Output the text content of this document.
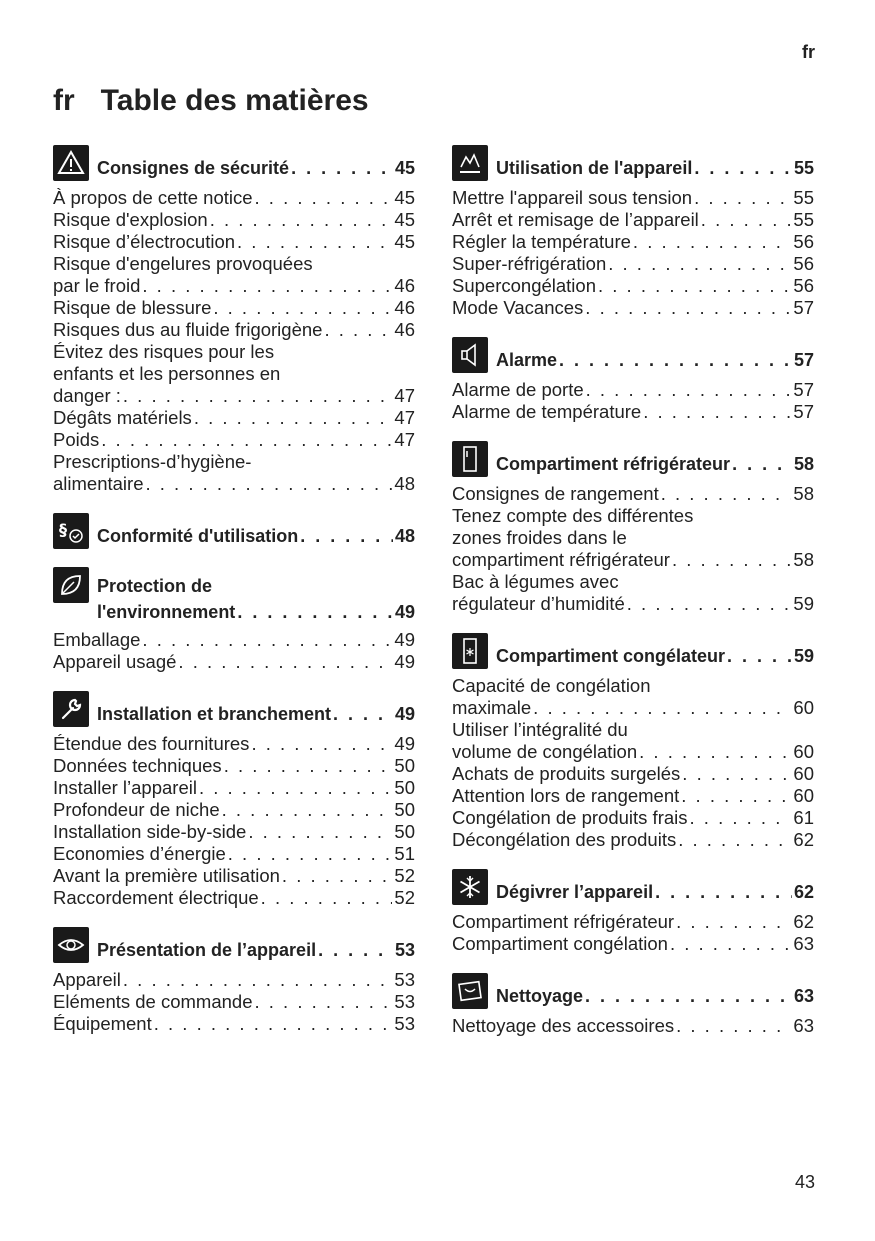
fr
fr Table des matières
Consignes de sécurité . . .	45
À propos de cette notice . . .	45
Risque d'explosion . . .	45
Risque d’électrocution . . .	45
Risque d'engelures provoquées
par le froid . . .	46
Risque de blessure . . .	46
Risques dus au fluide frigorigène . . .	46
Évitez des risques pour les
enfants et les personnes en
danger : . . .	47
Dégâts matériels . . .	47
Poids . . .	47
Prescriptions-d’hygiène-
alimentaire . . .	48
§ Conformité d'utilisation . . .	48
Protection de
l'environnement . . .	49
Emballage . . .	49
Appareil usagé . . .	49
Installation et branchement . . .	49
Étendue des fournitures . . .	49
Données techniques . . .	50
Installer l’appareil . . .	50
Profondeur de niche . . .	50
Installation side-by-side . . .	50
Economies d’énergie . . .	51
Avant la première utilisation . . .	52
Raccordement électrique . . .	52
Présentation de l’appareil . . .	53
Appareil . . .	53
Eléments de commande . . .	53
Équipement . . .	53
Utilisation de l'appareil . . .	55
Mettre l'appareil sous tension . . .	55
Arrêt et remisage de l’appareil . . .	55
Régler la température . . .	56
Super-réfrigération . . .	56
Supercongélation . . .	56
Mode Vacances . . .	57
Alarme . . .	57
Alarme de porte . . .	57
Alarme de température . . .	57
Compartiment réfrigérateur . . .	58
Consignes de rangement . . .	58
Tenez compte des différentes
zones froides dans le
compartiment réfrigérateur . . .	58
Bac à légumes avec
régulateur d’humidité . . .	59
Compartiment congélateur . . .	59
Capacité de congélation
maximale . . .	60
Utiliser l’intégralité du
volume de congélation . . .	60
Achats de produits surgelés . . .	60
Attention lors de rangement . . .	60
Congélation de produits frais . . .	61
Décongélation des produits . . .	62
Dégivrer l’appareil . . .	62
Compartiment réfrigérateur . . .	62
Compartiment congélation . . .	63
Nettoyage . . .	63
Nettoyage des accessoires . . .	63
43
